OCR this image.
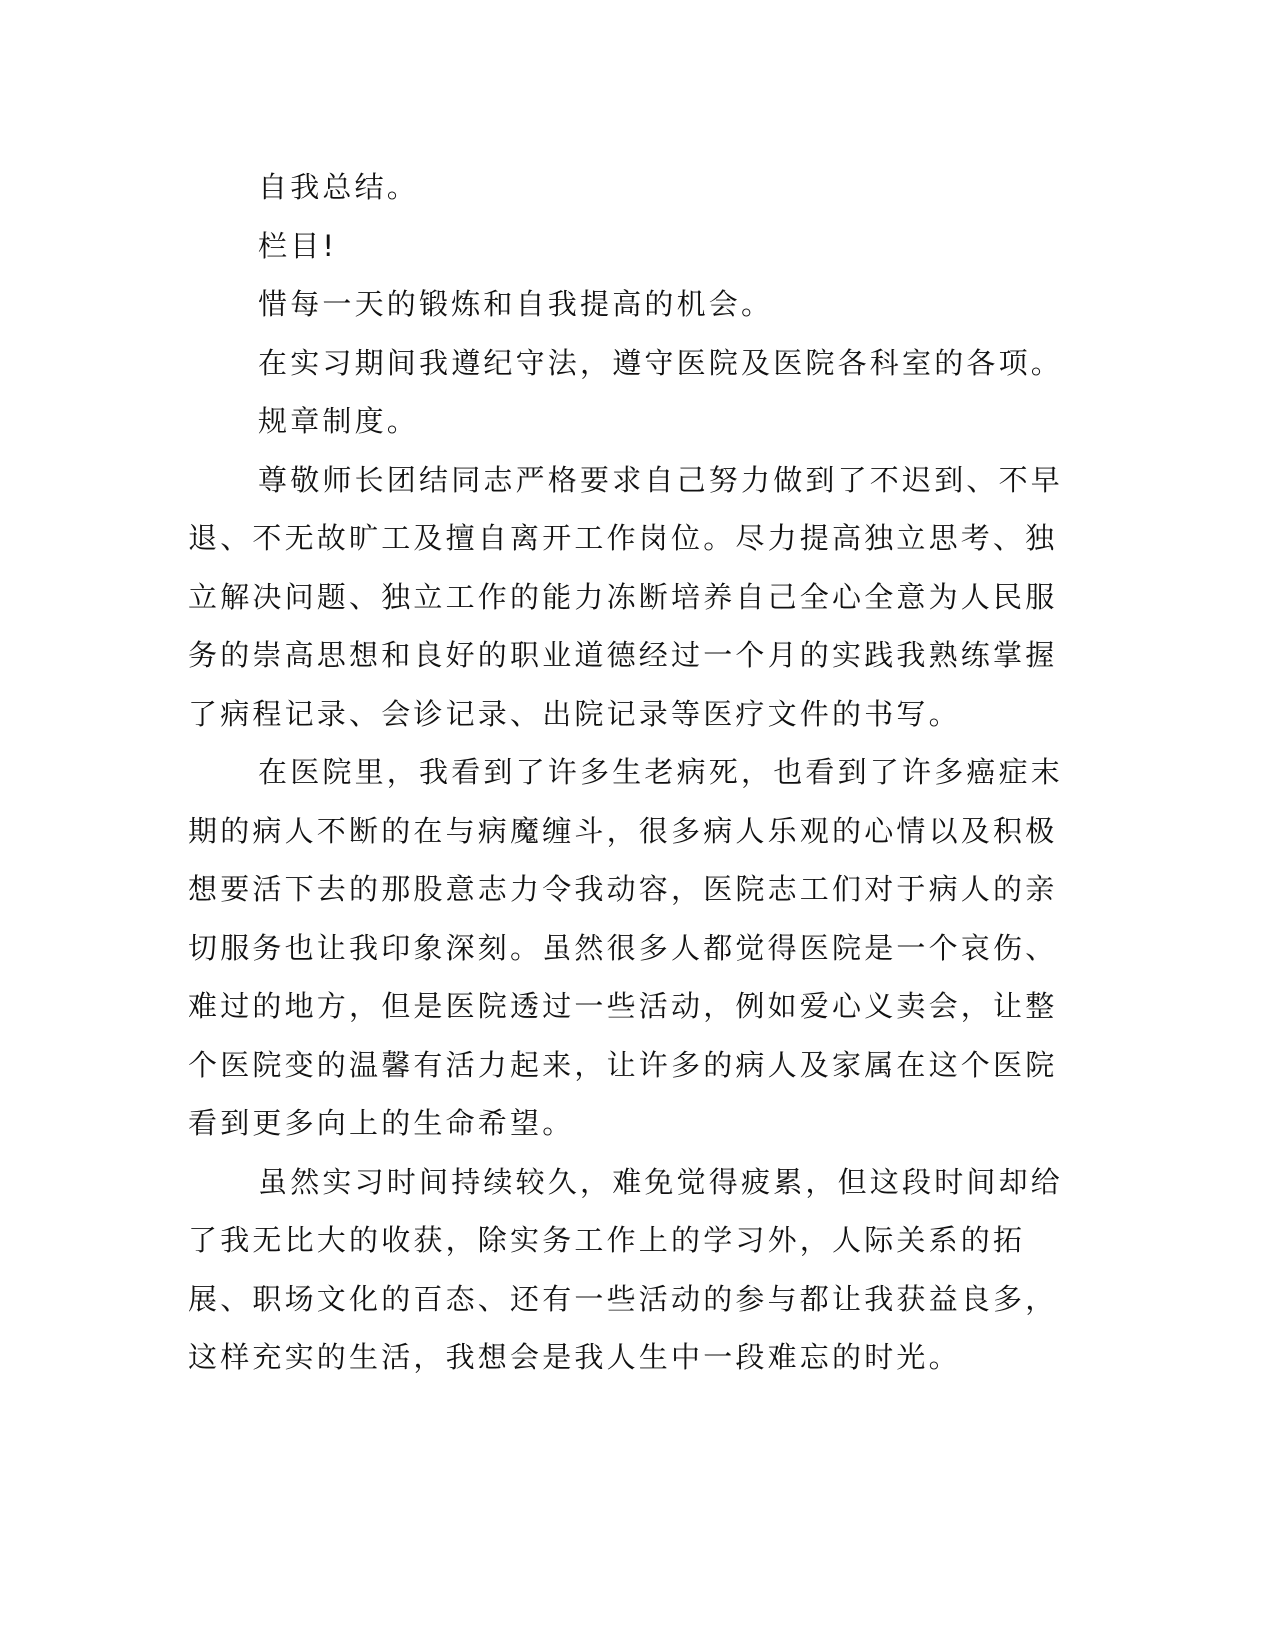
自我总结。

栏目!

惜每一天的锻炼和自我提高的机会。

在实习期间我遵纪守法，遵守医院及医院各科室的各项。

规章制度。

尊敬师长团结同志严格要求自己努力做到了不迟到、不早退、不无故旷工及擅自离开工作岗位。尽力提高独立思考、独立解决问题、独立工作的能力冻断培养自己全心全意为人民服务的崇高思想和良好的职业道德经过一个月的实践我熟练掌握了病程记录、会诊记录、出院记录等医疗文件的书写。

在医院里，我看到了许多生老病死，也看到了许多癌症末期的病人不断的在与病魔缠斗，很多病人乐观的心情以及积极想要活下去的那股意志力令我动容，医院志工们对于病人的亲切服务也让我印象深刻。虽然很多人都觉得医院是一个哀伤、难过的地方，但是医院透过一些活动，例如爱心义卖会，让整个医院变的温馨有活力起来，让许多的病人及家属在这个医院看到更多向上的生命希望。

虽然实习时间持续较久，难免觉得疲累，但这段时间却给了我无比大的收获，除实务工作上的学习外，人际关系的拓展、职场文化的百态、还有一些活动的参与都让我获益良多，这样充实的生活，我想会是我人生中一段难忘的时光。
